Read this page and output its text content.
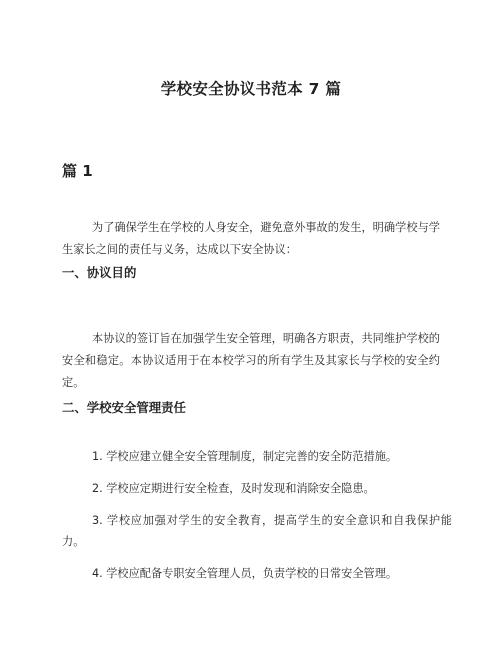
学校安全协议书范本 7 篇
篇 1

为了确保学生在学校的人身安全，避免意外事故的发生，明确学校与学生家长之间的责任与义务，达成以下安全协议：

一、协议目的

本协议的签订旨在加强学生安全管理，明确各方职责，共同维护学校的安全和稳定。本协议适用于在本校学习的所有学生及其家长与学校的安全约定。

二、学校安全管理责任
1. 学校应建立健全安全管理制度，制定完善的安全防范措施。
2. 学校应定期进行安全检查，及时发现和消除安全隐患。
3. 学校应加强对学生的安全教育，提高学生的安全意识和自我保护能力。
4. 学校应配备专职安全管理人员，负责学校的日常安全管理。
